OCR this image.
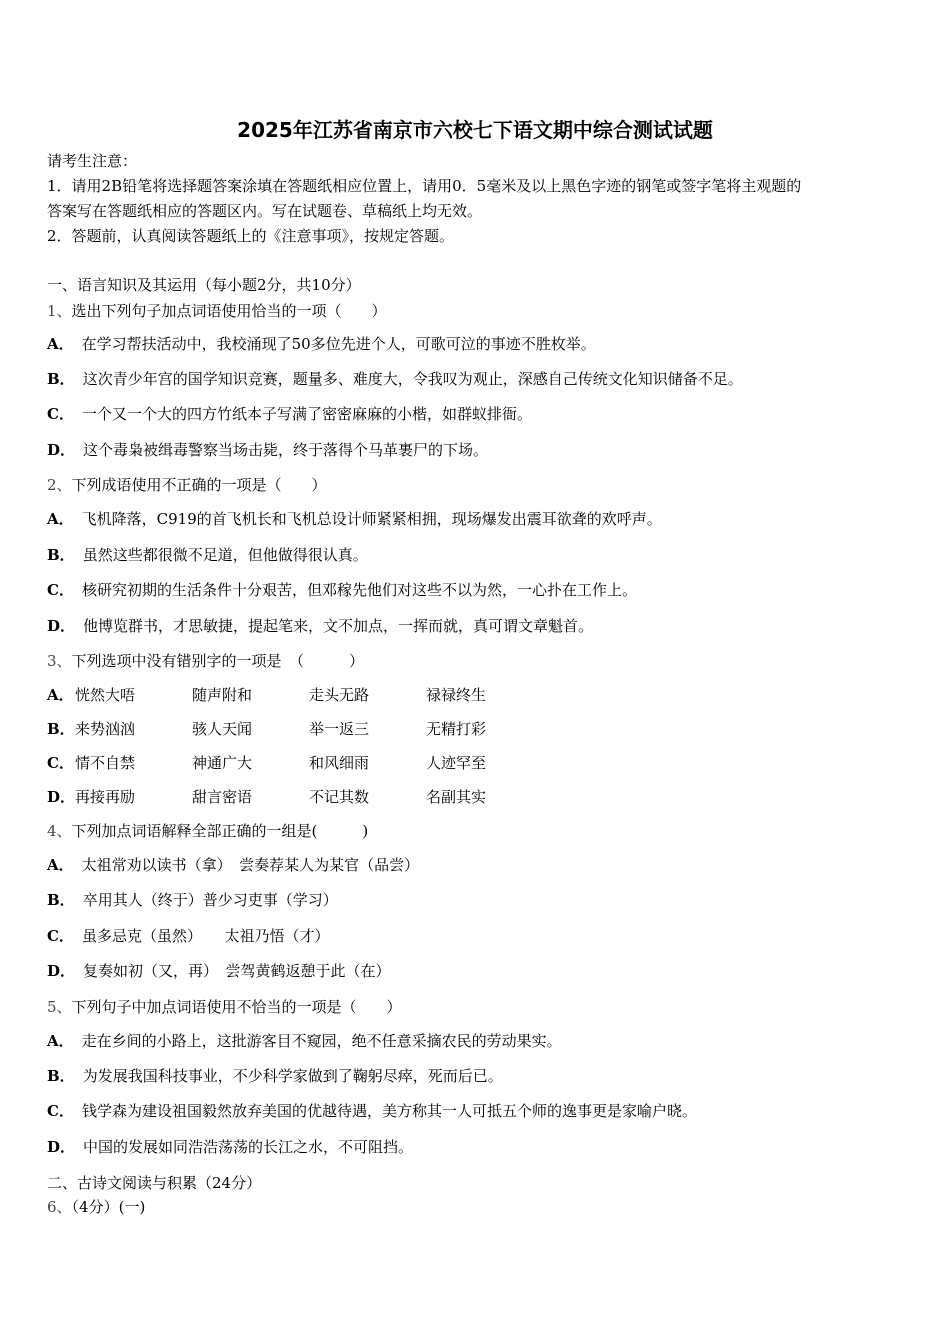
2025年江苏省南京市六校七下语文期中综合测试试题
请考生注意：
1．请用2B铅笔将选择题答案涂填在答题纸相应位置上，请用0．5毫米及以上黑色字迹的钢笔或签字笔将主观题的
答案写在答题纸相应的答题区内。写在试题卷、草稿纸上均无效。
2．答题前，认真阅读答题纸上的《注意事项》，按规定答题。
一、语言知识及其运用（每小题2分，共10分）
1、选出下列句子加点词语使用恰当的一项（　　）
A． 在学习帮扶活动中，我校涌现了50多位先进个人，可歌可泣的事迹不胜枚举。
B． 这次青少年宫的国学知识竞赛，题量多、难度大，令我叹为观止，深感自己传统文化知识储备不足。
C． 一个又一个大的四方竹纸本子写满了密密麻麻的小楷，如群蚁排衙。
D． 这个毒枭被缉毒警察当场击毙，终于落得个马革裹尸的下场。
2、下列成语使用不正确的一项是（　　）
A． 飞机降落，C919的首飞机长和飞机总设计师紧紧相拥，现场爆发出震耳欲聋的欢呼声。
B． 虽然这些都很微不足道，但他做得很认真。
C． 核研究初期的生活条件十分艰苦，但邓稼先他们对这些不以为然，一心扑在工作上。
D． 他博览群书，才思敏捷，提起笔来，文不加点，一挥而就，真可谓文章魁首。
3、下列选项中没有错别字的一项是　（　　　）
A． 恍然大唔	随声附和	走头无路	禄禄终生
B． 来势汹汹	骇人天闻	举一返三	无精打彩
C． 情不自禁	神通广大	和风细雨	人迹罕至
D． 再接再励	甜言密语	不记其数	名副其实
4、下列加点词语解释全部正确的一组是(　　　)
A． 太祖常劝以读书（拿）　尝奏荐某人为某官（品尝）
B． 卒用其人（终于）普少习吏事（学习）
C． 虽多忌克（虽然）　　太祖乃悟（才）
D． 复奏如初（又，再）　尝驾黄鹤返憩于此（在）
5、下列句子中加点词语使用不恰当的一项是（　　）
A． 走在乡间的小路上，这批游客目不窥园，绝不任意采摘农民的劳动果实。
B． 为发展我国科技事业，不少科学家做到了鞠躬尽瘁，死而后已。
C． 钱学森为建设祖国毅然放弃美国的优越待遇，美方称其一人可抵五个师的逸事更是家喻户晓。
D． 中国的发展如同浩浩荡荡的长江之水，不可阻挡。
二、古诗文阅读与积累（24分）
6、（4分）(一)
